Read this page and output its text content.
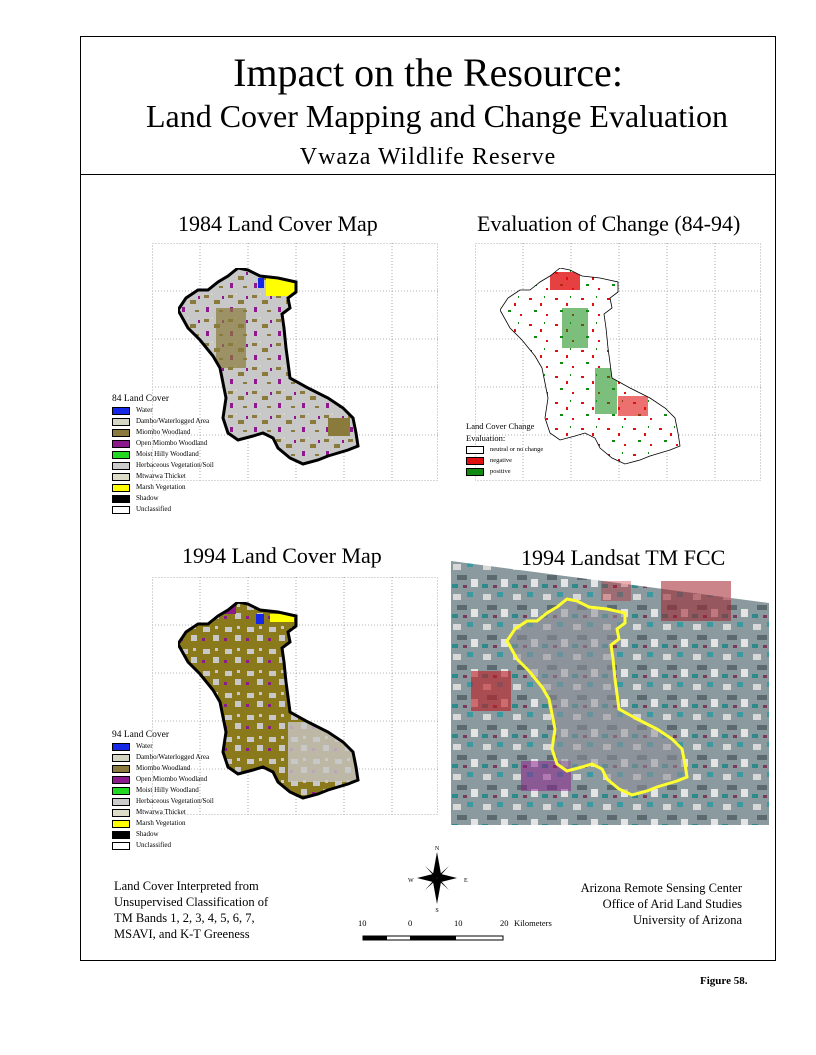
Impact on the Resource:
Land Cover Mapping and Change Evaluation
Vwaza Wildlife Reserve
1984 Land Cover Map	Evaluation of Change (84-94)
1994 Land Cover Map	1994 Landsat TM FCC
84 Land Cover
Water
Dambo/Waterlogged Area
Miombo Woodland
Open Miombo Woodland
Moist Hilly Woodland
Herbaceous Vegetation/Soil
Mtwarwa Thicket
Marsh Vegetation
Shadow
Unclassified
94 Land Cover
Water
Dambo/Waterlogged Area
Miombo Woodland
Open Miombo Woodland
Moist Hilly Woodland
Herbaceous Vegetation/Soil
Mtwarwa Thicket
Marsh Vegetation
Shadow
Unclassified
Land Cover Change
Evaluation:
neutral or no change
negative
positive
N
S
W	E
10	0	10	20 Kilometers
Land Cover Interpreted from
Unsupervised Classification of
TM Bands 1, 2, 3, 4, 5, 6, 7,
MSAVI, and K-T Greeness
Arizona Remote Sensing Center
Office of Arid Land Studies
University of Arizona
Figure 58.
